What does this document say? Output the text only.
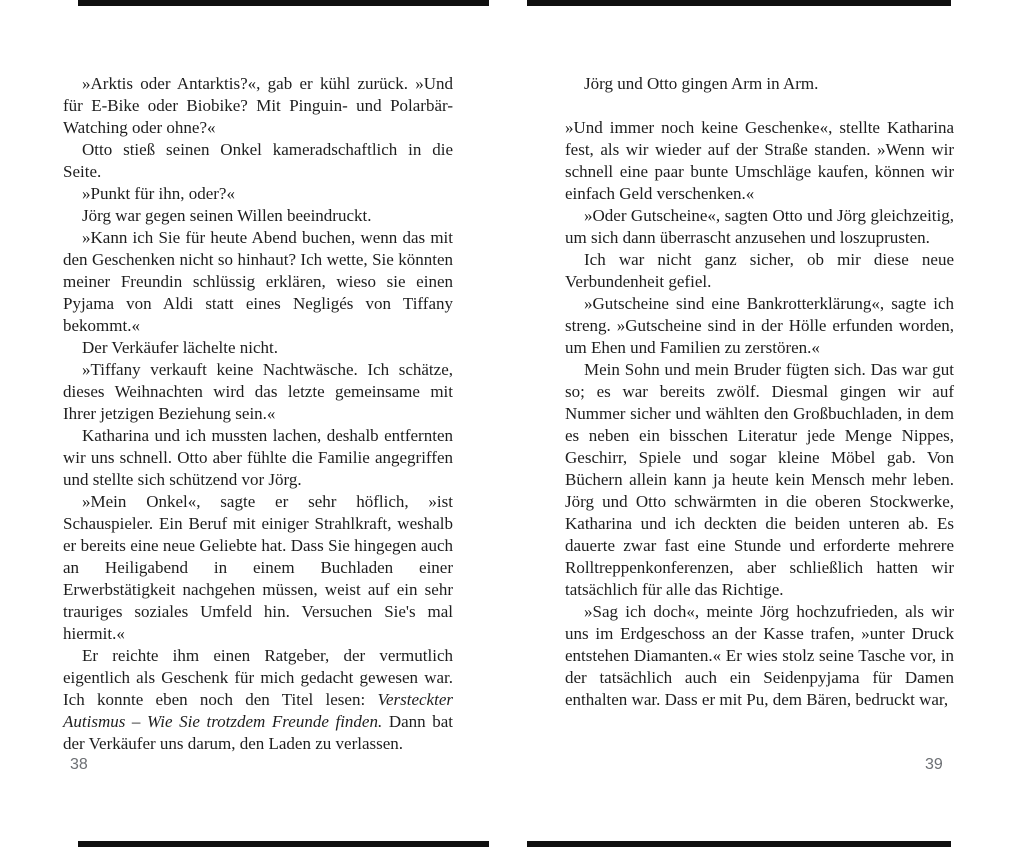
»Arktis oder Antarktis?«, gab er kühl zurück. »Und für E-Bike oder Biobike? Mit Pinguin- und Polarbär-Watching oder ohne?«

Otto stieß seinen Onkel kameradschaftlich in die Seite.

»Punkt für ihn, oder?«

Jörg war gegen seinen Willen beeindruckt.

»Kann ich Sie für heute Abend buchen, wenn das mit den Geschenken nicht so hinhaut? Ich wette, Sie könnten meiner Freundin schlüssig erklären, wieso sie einen Pyjama von Aldi statt eines Negligés von Tiffany bekommt.«

Der Verkäufer lächelte nicht.

»Tiffany verkauft keine Nachtwäsche. Ich schätze, dieses Weihnachten wird das letzte gemeinsame mit Ihrer jetzigen Beziehung sein.«

Katharina und ich mussten lachen, deshalb entfernten wir uns schnell. Otto aber fühlte die Familie angegriffen und stellte sich schützend vor Jörg.

»Mein Onkel«, sagte er sehr höflich, »ist Schauspieler. Ein Beruf mit einiger Strahlkraft, weshalb er bereits eine neue Geliebte hat. Dass Sie hingegen auch an Heiligabend in einem Buchladen einer Erwerbstätigkeit nachgehen müssen, weist auf ein sehr trauriges soziales Umfeld hin. Versuchen Sie's mal hiermit.«

Er reichte ihm einen Ratgeber, der vermutlich eigentlich als Geschenk für mich gedacht gewesen war. Ich konnte eben noch den Titel lesen: Versteckter Autismus – Wie Sie trotzdem Freunde finden. Dann bat der Verkäufer uns darum, den Laden zu verlassen.

Jörg und Otto gingen Arm in Arm.

»Und immer noch keine Geschenke«, stellte Katharina fest, als wir wieder auf der Straße standen. »Wenn wir schnell eine paar bunte Umschläge kaufen, können wir einfach Geld verschenken.«

»Oder Gutscheine«, sagten Otto und Jörg gleichzeitig, um sich dann überrascht anzusehen und loszuprusten.

Ich war nicht ganz sicher, ob mir diese neue Verbundenheit gefiel.

»Gutscheine sind eine Bankrotterklärung«, sagte ich streng. »Gutscheine sind in der Hölle erfunden worden, um Ehen und Familien zu zerstören.«

Mein Sohn und mein Bruder fügten sich. Das war gut so; es war bereits zwölf. Diesmal gingen wir auf Nummer sicher und wählten den Großbuchladen, in dem es neben ein bisschen Literatur jede Menge Nippes, Geschirr, Spiele und sogar kleine Möbel gab. Von Büchern allein kann ja heute kein Mensch mehr leben. Jörg und Otto schwärmten in die oberen Stockwerke, Katharina und ich deckten die beiden unteren ab. Es dauerte zwar fast eine Stunde und erforderte mehrere Rolltreppenkonferenzen, aber schließlich hatten wir tatsächlich für alle das Richtige.

»Sag ich doch«, meinte Jörg hochzufrieden, als wir uns im Erdgeschoss an der Kasse trafen, »unter Druck entstehen Diamanten.« Er wies stolz seine Tasche vor, in der tatsächlich auch ein Seidenpyjama für Damen enthalten war. Dass er mit Pu, dem Bären, bedruckt war,

38	39
